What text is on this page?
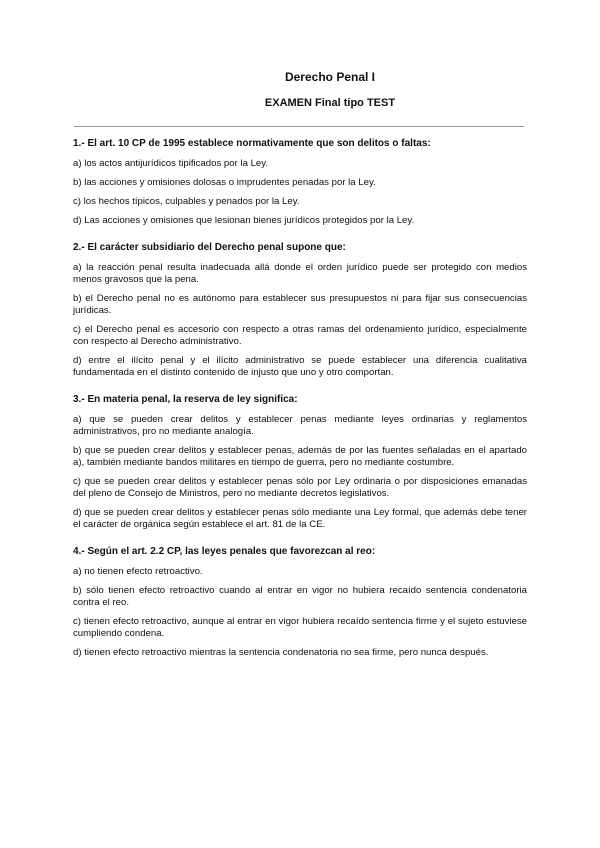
Derecho Penal I
EXAMEN Final tipo TEST

1.- El art. 10 CP de 1995 establece normativamente que son delitos o faltas:

a) los actos antijurídicos tipificados por la Ley.

b) las acciones y omisiones dolosas o imprudentes penadas por la Ley.

c) los hechos típicos, culpables y penados por la Ley.

d) Las acciones y omisiones que lesionan bienes jurídicos protegidos por la Ley.

2.- El carácter subsidiario del Derecho penal supone que:

a) la reacción penal resulta inadecuada allá donde el orden jurídico puede ser protegido con medios menos gravosos que la pena.

b) el Derecho penal no es autónomo para establecer sus presupuestos ni para fijar sus consecuencias jurídicas.

c) el Derecho penal es accesorio con respecto a otras ramas del ordenamiento jurídico, especialmente con respecto al Derecho administrativo.

d) entre el ilícito penal y el ilícito administrativo se puede establecer una diferencia cualitativa fundamentada en el distinto contenido de injusto que uno y otro comportan.

3.- En materia penal, la reserva de ley significa:

a) que se pueden crear delitos y establecer penas mediante leyes ordinarias y reglamentos administrativos, pro no mediante analogía.

b) que se pueden crear delitos y establecer penas, además de por las fuentes señaladas en el apartado a), también mediante bandos militares en tiempo de guerra, pero no mediante costumbre.

c) que se pueden crear delitos y establecer penas sólo por Ley ordinaria o por disposiciones emanadas del pleno de Consejo de Ministros, pero no mediante decretos legislativos.

d) que se pueden crear delitos y establecer penas sólo mediante una Ley formal, que además debe tener el carácter de orgánica según establece el art. 81 de la CE.

4.- Según el art. 2.2 CP, las leyes penales que favorezcan al reo:

a) no tienen efecto retroactivo.

b) sólo tienen efecto retroactivo cuando al entrar en vigor no hubiera recaído sentencia condenatoria contra el reo.

c) tienen efecto retroactivo, aunque al entrar en vigor hubiera recaído sentencia firme y el sujeto estuviese cumpliendo condena.

d) tienen efecto retroactivo mientras la sentencia condenatoria no sea firme, pero nunca después.
